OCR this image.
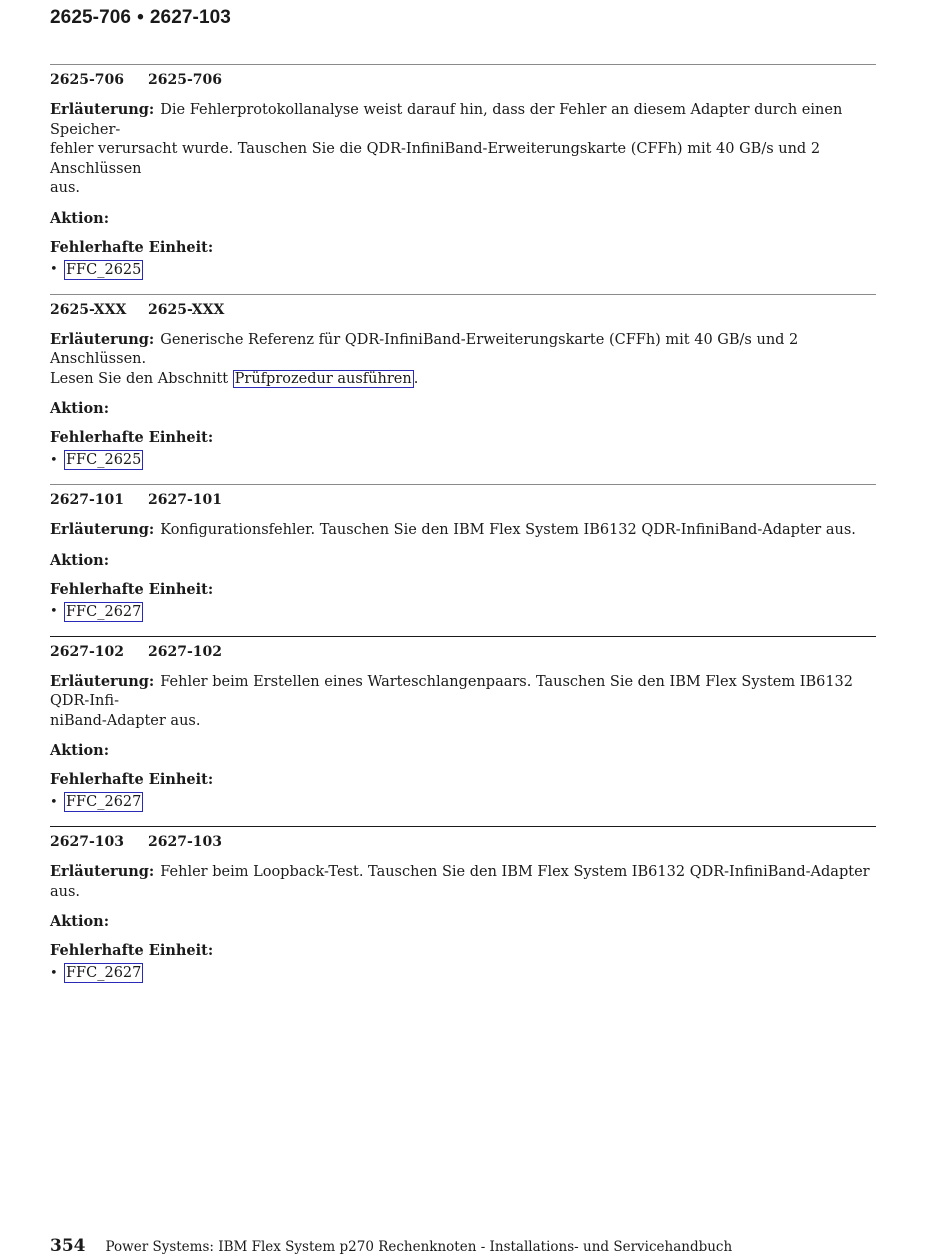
2625-706 • 2627-103
2625-706	2625-706
Erläuterung: Die Fehlerprotokollanalyse weist darauf hin, dass der Fehler an diesem Adapter durch einen Speicher-
fehler verursacht wurde. Tauschen Sie die QDR-InfiniBand-Erweiterungskarte (CFFh) mit 40 GB/s und 2 Anschlüssen
aus.
Aktion:
Fehlerhafte Einheit:
• FFC_2625
2625-XXX	2625-XXX
Erläuterung: Generische Referenz für QDR-InfiniBand-Erweiterungskarte (CFFh) mit 40 GB/s und 2 Anschlüssen.
Lesen Sie den Abschnitt Prüfprozedur ausführen .
Aktion:
Fehlerhafte Einheit:
• FFC_2625
2627-101	2627-101
Erläuterung: Konfigurationsfehler. Tauschen Sie den IBM Flex System IB6132 QDR-InfiniBand-Adapter aus.
Aktion:
Fehlerhafte Einheit:
• FFC_2627
2627-102	2627-102
Erläuterung: Fehler beim Erstellen eines Warteschlangenpaars. Tauschen Sie den IBM Flex System IB6132 QDR-Infi-
niBand-Adapter aus.
Aktion:
Fehlerhafte Einheit:
• FFC_2627
2627-103	2627-103
Erläuterung: Fehler beim Loopback-Test. Tauschen Sie den IBM Flex System IB6132 QDR-InfiniBand-Adapter aus.
Aktion:
Fehlerhafte Einheit:
• FFC_2627
354 Power Systems: IBM Flex System p270 Rechenknoten - Installations- und Servicehandbuch
